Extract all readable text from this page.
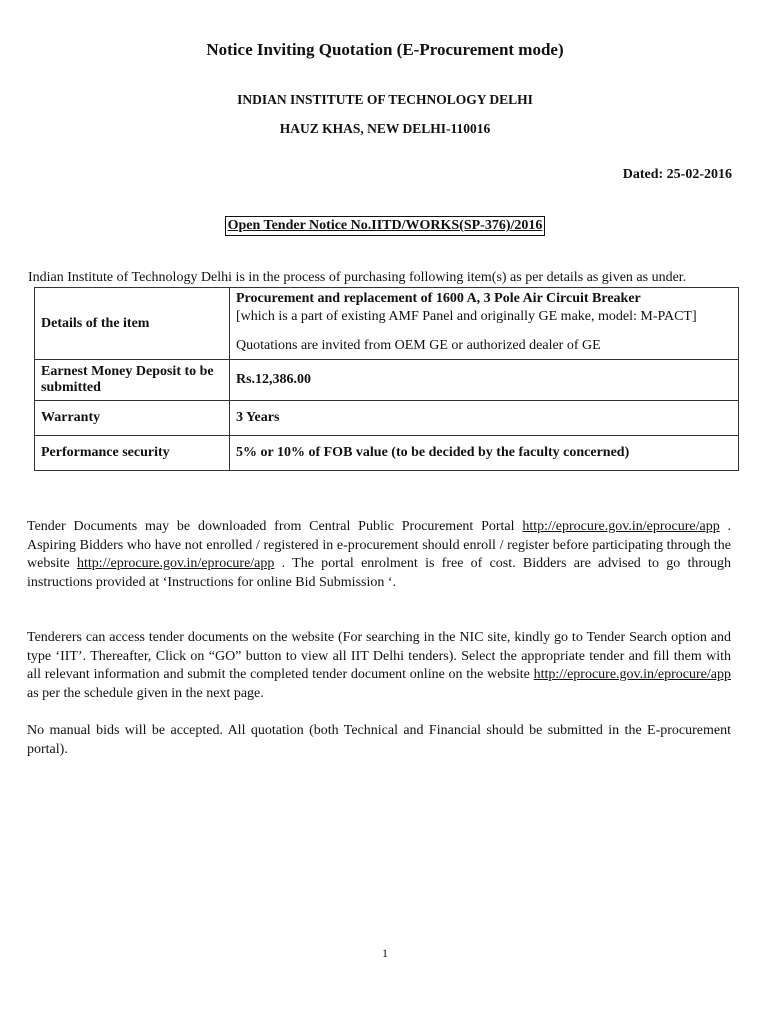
Notice Inviting Quotation (E-Procurement mode)
INDIAN INSTITUTE OF TECHNOLOGY DELHI
HAUZ KHAS, NEW DELHI-110016
Dated: 25-02-2016
Open Tender Notice No.IITD/WORKS(SP-376)/2016
Indian Institute of Technology Delhi is in the process of purchasing following item(s) as per details as given as under.
Details of the item	Procurement and replacement of 1600 A, 3 Pole Air Circuit Breaker
[which is a part of existing AMF Panel and originally GE make, model: M-PACT]
Quotations are invited from OEM GE or authorized dealer of GE

Earnest Money Deposit to be submitted	Rs.12,386.00
Warranty	3 Years
Performance security	5% or 10% of FOB value (to be decided by the faculty concerned)
Tender Documents may be downloaded from Central Public Procurement Portal http://eprocure.gov.in/eprocure/app . Aspiring Bidders who have not enrolled / registered in e-procurement should enroll / register before participating through the website http://eprocure.gov.in/eprocure/app . The portal enrolment is free of cost. Bidders are advised to go through instructions provided at ‘Instructions for online Bid Submission ‘.
Tenderers can access tender documents on the website (For searching in the NIC site, kindly go to Tender Search option and type ‘IIT’. Thereafter, Click on “GO” button to view all IIT Delhi tenders). Select the appropriate tender and fill them with all relevant information and submit the completed tender document online on the website http://eprocure.gov.in/eprocure/app as per the schedule given in the next page.
No manual bids will be accepted. All quotation (both Technical and Financial should be submitted in the E-procurement portal).
1
